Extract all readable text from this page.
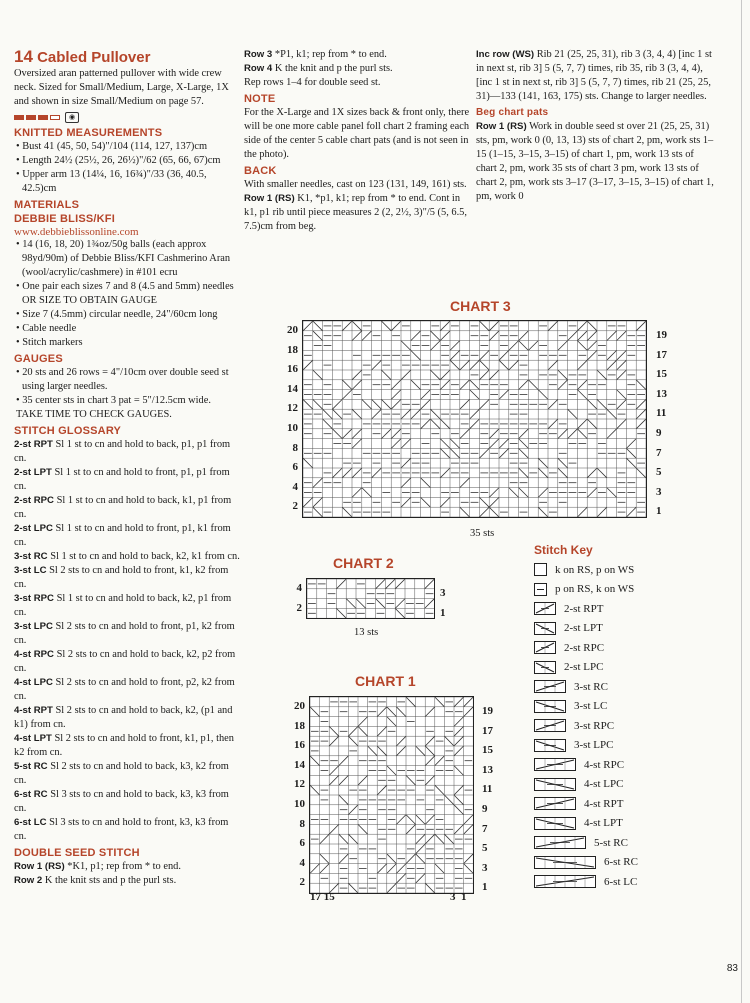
14 Cabled Pullover

Oversized aran patterned pullover with wide crew neck. Sized for Small/Medium, Large, X-Large, 1X and shown in size Small/Medium on page 57.

◉
KNITTED MEASUREMENTS

• Bust 41 (45, 50, 54)"/104 (114, 127, 137)cm

• Length 24½ (25½, 26, 26½)"/62 (65, 66, 67)cm

• Upper arm 13 (14¼, 16, 16¾)"/33 (36, 40.5, 42.5)cm

MATERIALS
DEBBIE BLISS/KFI
www.debbieblissonline.com

• 14 (16, 18, 20) 1¾oz/50g balls (each approx 98yd/90m) of Debbie Bliss/KFI Cashmerino Aran (wool/acrylic/cashmere) in #101 ecru

• One pair each sizes 7 and 8 (4.5 and 5mm) needles OR SIZE TO OBTAIN GAUGE

• Size 7 (4.5mm) circular needle, 24"/60cm long

• Cable needle

• Stitch markers

GAUGES

• 20 sts and 26 rows = 4"/10cm over double seed st using larger needles.

• 35 center sts in chart 3 pat = 5"/12.5cm wide.

TAKE TIME TO CHECK GAUGES.

STITCH GLOSSARY

2-st RPT Sl 1 st to cn and hold to back, p1, p1 from cn.

2-st LPT Sl 1 st to cn and hold to front, p1, p1 from cn.

2-st RPC Sl 1 st to cn and hold to back, k1, p1 from cn.

2-st LPC Sl 1 st to cn and hold to front, p1, k1 from cn.

3-st RC Sl 1 st to cn and hold to back, k2, k1 from cn.

3-st LC Sl 2 sts to cn and hold to front, k1, k2 from cn.

3-st RPC Sl 1 st to cn and hold to back, k2, p1 from cn.

3-st LPC Sl 2 sts to cn and hold to front, p1, k2 from cn.

4-st RPC Sl 2 sts to cn and hold to back, k2, p2 from cn.

4-st LPC Sl 2 sts to cn and hold to front, p2, k2 from cn.

4-st RPT Sl 2 sts to cn and hold to back, k2, (p1 and k1) from cn.

4-st LPT Sl 2 sts to cn and hold to front, k1, p1, then k2 from cn.

5-st RC Sl 2 sts to cn and hold to back, k3, k2 from cn.

6-st RC Sl 3 sts to cn and hold to back, k3, k3 from cn.

6-st LC Sl 3 sts to cn and hold to front, k3, k3 from cn.

DOUBLE SEED STITCH

Row 1 (RS) *K1, p1; rep from * to end.

Row 2 K the knit sts and p the purl sts.

Row 3 *P1, k1; rep from * to end.

Row 4 K the knit and p the purl sts.

Rep rows 1–4 for double seed st.

NOTE

For the X-Large and 1X sizes back & front only, there will be one more cable panel foll chart 2 framing each side of the center 5 cable chart pats (and is not seen in the photo).

BACK

With smaller needles, cast on 123 (131, 149, 161) sts.

Row 1 (RS) K1, *p1, k1; rep from * to end. Cont in k1, p1 rib until piece measures 2 (2, 2½, 3)"/5 (5, 6.5, 7.5)cm from beg.

Inc row (WS) Rib 21 (25, 25, 31), rib 3 (3, 4, 4) [inc 1 st in next st, rib 3] 5 (5, 7, 7) times, rib 35, rib 3 (3, 4, 4), [inc 1 st in next st, rib 3] 5 (5, 7, 7) times, rib 21 (25, 25, 31)—133 (141, 163, 175) sts. Change to larger needles.

Beg chart pats

Row 1 (RS) Work in double seed st over 21 (25, 25, 31) sts, pm, work 0 (0, 13, 13) sts of chart 2, pm, work sts 1–15 (1–15, 3–15, 3–15) of chart 1, pm, work 13 sts of chart 2, pm, work 35 sts of chart 3 pm, work 13 sts of chart 2, pm, work sts 3–17 (3–17, 3–15, 3–15) of chart 1, pm, work 0

CHART 3
20
18
16
14
12
10
8
6
4
2
19
17
15
13
11
9
7
5
3
1
35 sts
CHART 2
4
2
3
1
13 sts
CHART 1
20
18
16
14
12
10
8
6
4
2
19
17
15
13
11
9
7
5
3
1
17 15	3  1
Stitch Key
k on RS, p on WS
p on RS, k on WS
2-st RPT
2-st LPT
2-st RPC
2-st LPC
3-st RC
3-st LC
3-st RPC
3-st LPC
4-st RPC
4-st LPC
4-st RPT
4-st LPT
5-st RC
6-st RC
6-st LC
83
